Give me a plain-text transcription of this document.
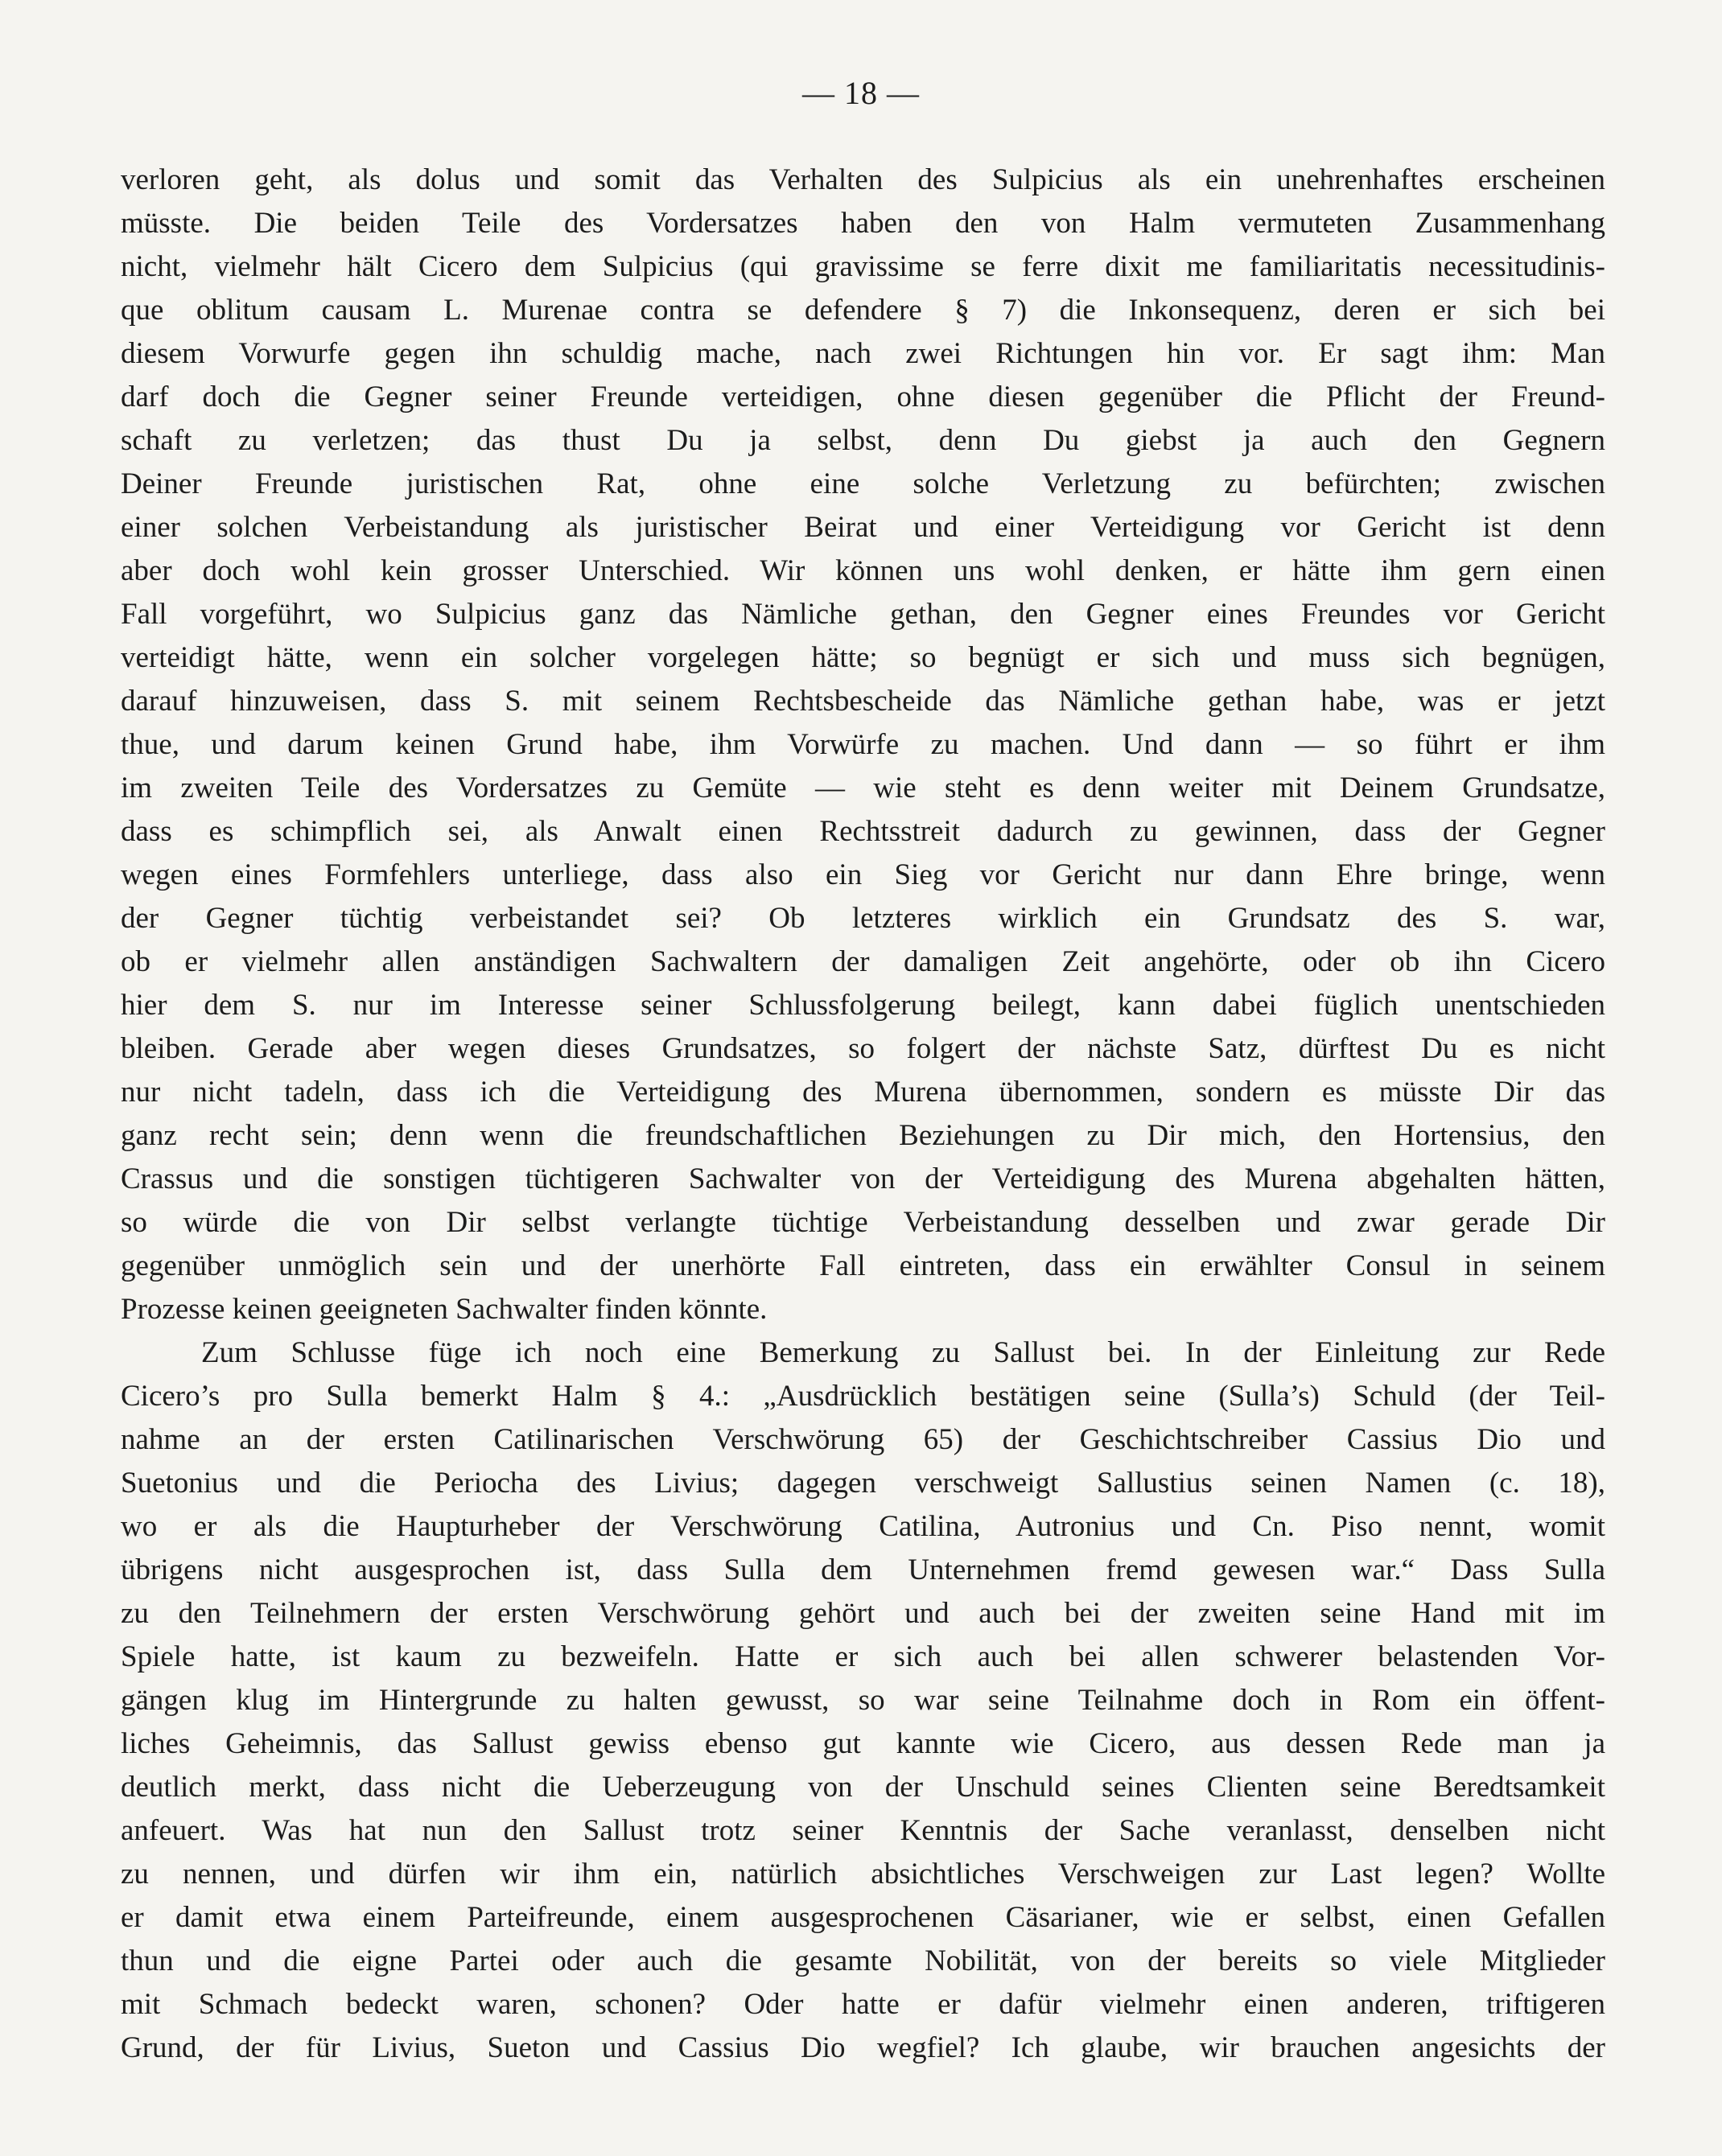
— 18 —
verloren geht, als dolus und somit das Verhalten des Sulpicius als ein unehrenhaftes erscheinen
müsste. Die beiden Teile des Vordersatzes haben den von Halm vermuteten Zusammenhang
nicht, vielmehr hält Cicero dem Sulpicius (qui gravissime se ferre dixit me familiaritatis necessitudinis-
que oblitum causam L. Murenae contra se defendere § 7) die Inkonsequenz, deren er sich bei
diesem Vorwurfe gegen ihn schuldig mache, nach zwei Richtungen hin vor. Er sagt ihm: Man
darf doch die Gegner seiner Freunde verteidigen, ohne diesen gegenüber die Pflicht der Freund-
schaft zu verletzen; das thust Du ja selbst, denn Du giebst ja auch den Gegnern
Deiner Freunde juristischen Rat, ohne eine solche Verletzung zu befürchten; zwischen
einer solchen Verbeistandung als juristischer Beirat und einer Verteidigung vor Gericht ist denn
aber doch wohl kein grosser Unterschied. Wir können uns wohl denken, er hätte ihm gern einen
Fall vorgeführt, wo Sulpicius ganz das Nämliche gethan, den Gegner eines Freundes vor Gericht
verteidigt hätte, wenn ein solcher vorgelegen hätte; so begnügt er sich und muss sich begnügen,
darauf hinzuweisen, dass S. mit seinem Rechtsbescheide das Nämliche gethan habe, was er jetzt
thue, und darum keinen Grund habe, ihm Vorwürfe zu machen. Und dann — so führt er ihm
im zweiten Teile des Vordersatzes zu Gemüte — wie steht es denn weiter mit Deinem Grundsatze,
dass es schimpflich sei, als Anwalt einen Rechtsstreit dadurch zu gewinnen, dass der Gegner
wegen eines Formfehlers unterliege, dass also ein Sieg vor Gericht nur dann Ehre bringe, wenn
der Gegner tüchtig verbeistandet sei? Ob letzteres wirklich ein Grundsatz des S. war,
ob er vielmehr allen anständigen Sachwaltern der damaligen Zeit angehörte, oder ob ihn Cicero
hier dem S. nur im Interesse seiner Schlussfolgerung beilegt, kann dabei füglich unentschieden
bleiben. Gerade aber wegen dieses Grundsatzes, so folgert der nächste Satz, dürftest Du es nicht
nur nicht tadeln, dass ich die Verteidigung des Murena übernommen, sondern es müsste Dir das
ganz recht sein; denn wenn die freundschaftlichen Beziehungen zu Dir mich, den Hortensius, den
Crassus und die sonstigen tüchtigeren Sachwalter von der Verteidigung des Murena abgehalten hätten,
so würde die von Dir selbst verlangte tüchtige Verbeistandung desselben und zwar gerade Dir
gegenüber unmöglich sein und der unerhörte Fall eintreten, dass ein erwählter Consul in seinem
Prozesse keinen geeigneten Sachwalter finden könnte.
Zum Schlusse füge ich noch eine Bemerkung zu Sallust bei. In der Einleitung zur Rede
Cicero’s pro Sulla bemerkt Halm § 4.: „Ausdrücklich bestätigen seine (Sulla’s) Schuld (der Teil-
nahme an der ersten Catilinarischen Verschwörung 65) der Geschichtschreiber Cassius Dio und
Suetonius und die Periocha des Livius; dagegen verschweigt Sallustius seinen Namen (c. 18),
wo er als die Haupturheber der Verschwörung Catilina, Autronius und Cn. Piso nennt, womit
übrigens nicht ausgesprochen ist, dass Sulla dem Unternehmen fremd gewesen war.“ Dass Sulla
zu den Teilnehmern der ersten Verschwörung gehört und auch bei der zweiten seine Hand mit im
Spiele hatte, ist kaum zu bezweifeln. Hatte er sich auch bei allen schwerer belastenden Vor-
gängen klug im Hintergrunde zu halten gewusst, so war seine Teilnahme doch in Rom ein öffent-
liches Geheimnis, das Sallust gewiss ebenso gut kannte wie Cicero, aus dessen Rede man ja
deutlich merkt, dass nicht die Ueberzeugung von der Unschuld seines Clienten seine Beredtsamkeit
anfeuert. Was hat nun den Sallust trotz seiner Kenntnis der Sache veranlasst, denselben nicht
zu nennen, und dürfen wir ihm ein, natürlich absichtliches Verschweigen zur Last legen? Wollte
er damit etwa einem Parteifreunde, einem ausgesprochenen Cäsarianer, wie er selbst, einen Gefallen
thun und die eigne Partei oder auch die gesamte Nobilität, von der bereits so viele Mitglieder
mit Schmach bedeckt waren, schonen? Oder hatte er dafür vielmehr einen anderen, triftigeren
Grund, der für Livius, Sueton und Cassius Dio wegfiel? Ich glaube, wir brauchen angesichts der
